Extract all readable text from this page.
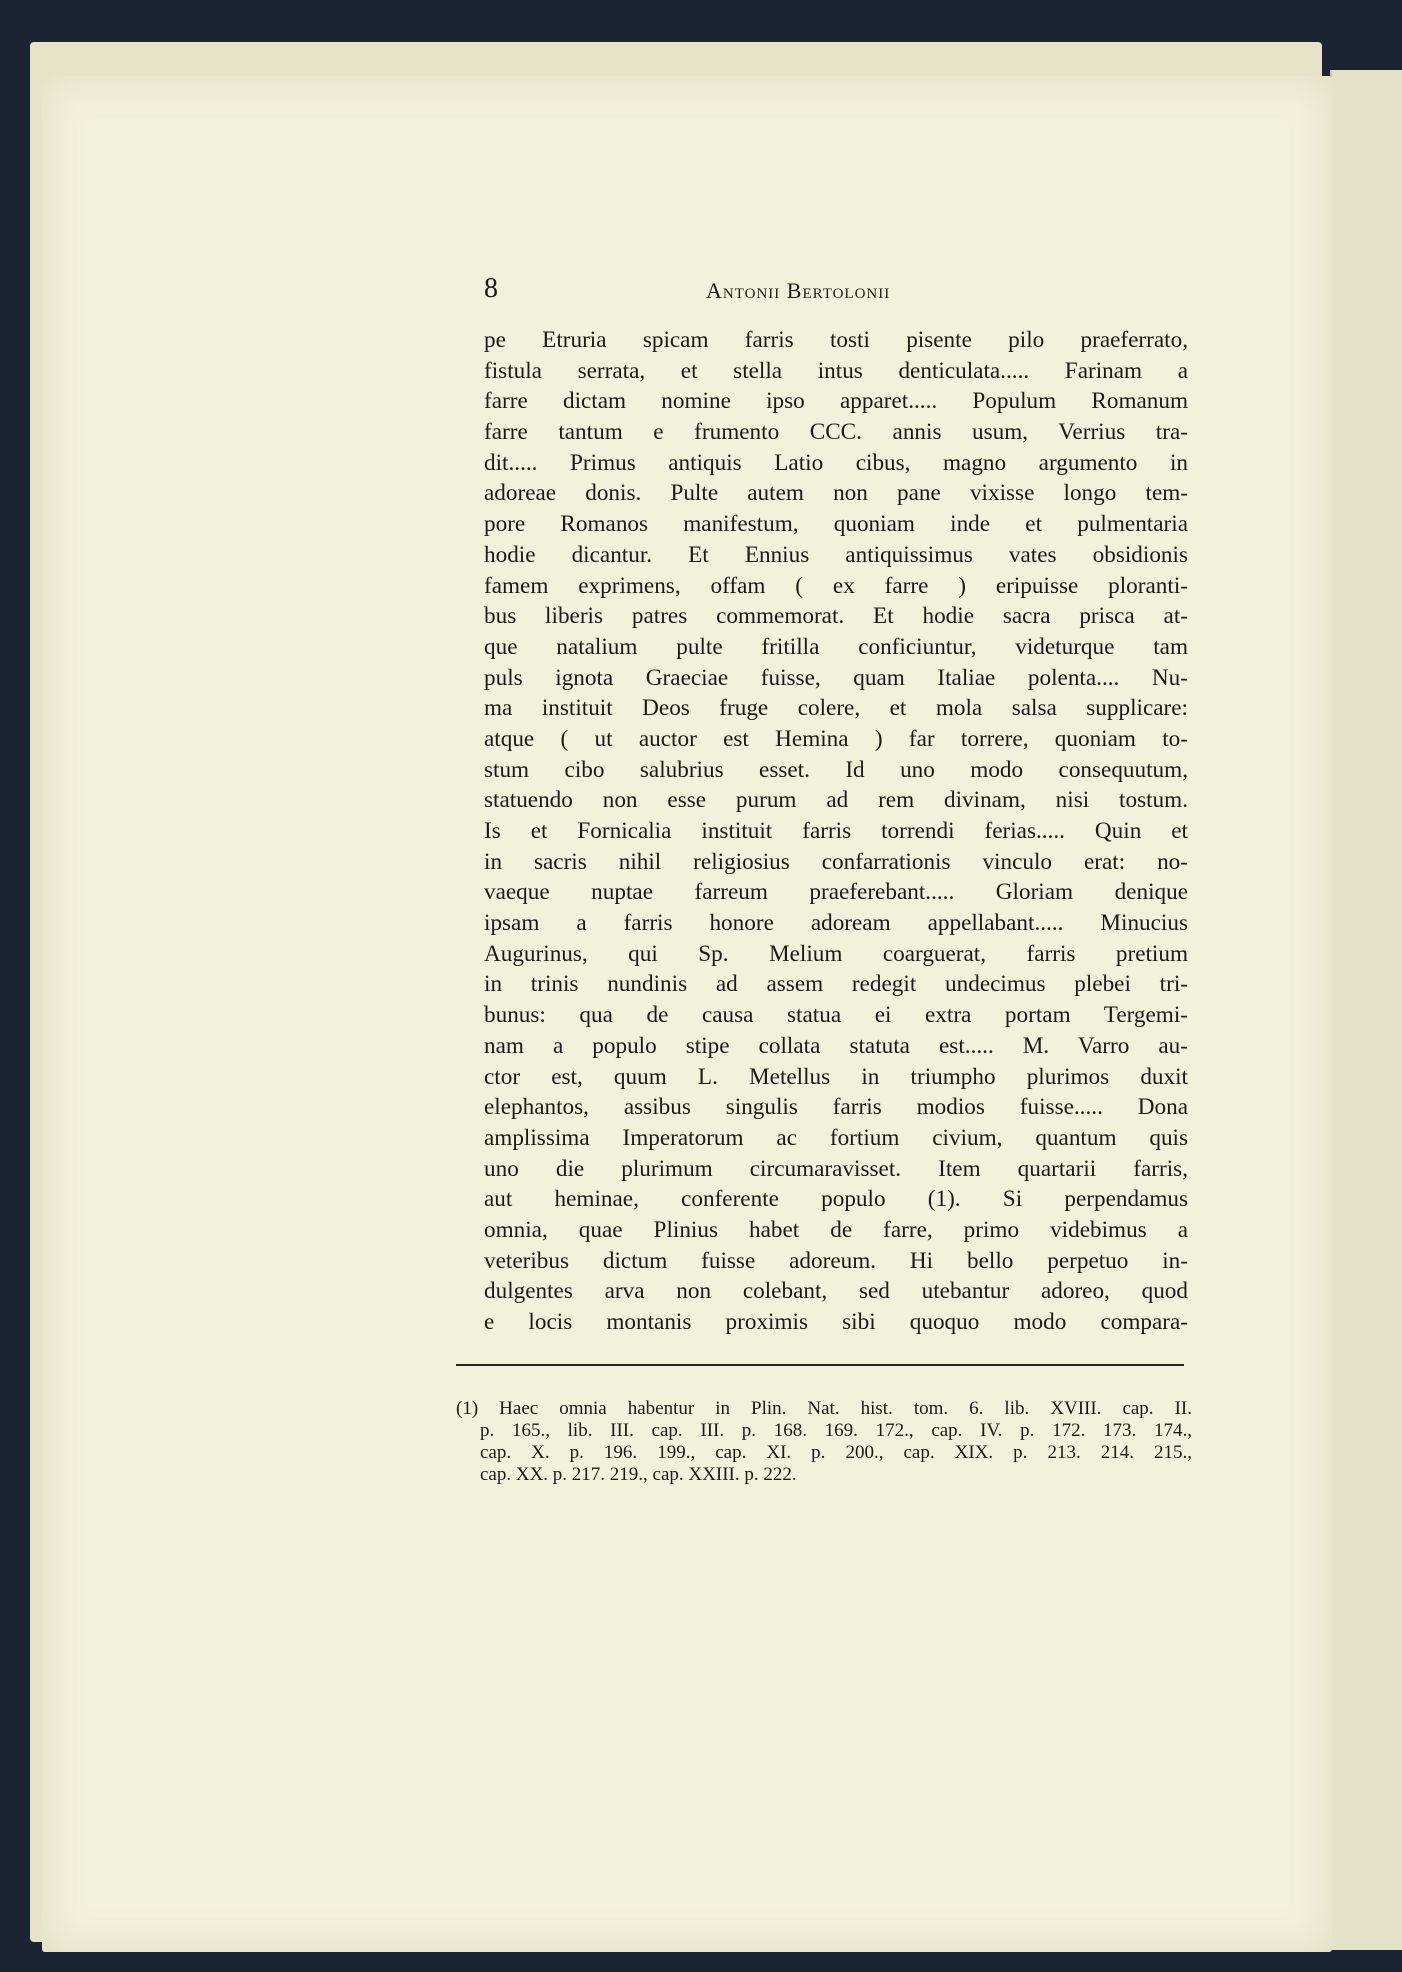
8	Antonii Bertolonii
pe Etruria spicam farris tosti pisente pilo praeferrato,
fistula serrata, et stella intus denticulata..... Farinam a
farre dictam nomine ipso apparet..... Populum Romanum
farre tantum e frumento CCC. annis usum, Verrius tra-
dit..... Primus antiquis Latio cibus, magno argumento in
adoreae donis. Pulte autem non pane vixisse longo tem-
pore Romanos manifestum, quoniam inde et pulmentaria
hodie dicantur. Et Ennius antiquissimus vates obsidionis
famem exprimens, offam ( ex farre ) eripuisse ploranti-
bus liberis patres commemorat. Et hodie sacra prisca at-
que natalium pulte fritilla conficiuntur, videturque tam
puls ignota Graeciae fuisse, quam Italiae polenta.... Nu-
ma instituit Deos fruge colere, et mola salsa supplicare:
atque ( ut auctor est Hemina ) far torrere, quoniam to-
stum cibo salubrius esset. Id uno modo consequutum,
statuendo non esse purum ad rem divinam, nisi tostum.
Is et Fornicalia instituit farris torrendi ferias..... Quin et
in sacris nihil religiosius confarrationis vinculo erat: no-
vaeque nuptae farreum praeferebant..... Gloriam denique
ipsam a farris honore adoream appellabant..... Minucius
Augurinus, qui Sp. Melium coarguerat, farris pretium
in trinis nundinis ad assem redegit undecimus plebei tri-
bunus: qua de causa statua ei extra portam Tergemi-
nam a populo stipe collata statuta est..... M. Varro au-
ctor est, quum L. Metellus in triumpho plurimos duxit
elephantos, assibus singulis farris modios fuisse..... Dona
amplissima Imperatorum ac fortium civium, quantum quis
uno die plurimum circumaravisset. Item quartarii farris,
aut heminae, conferente populo (1). Si perpendamus
omnia, quae Plinius habet de farre, primo videbimus a
veteribus dictum fuisse adoreum. Hi bello perpetuo in-
dulgentes arva non colebant, sed utebantur adoreo, quod
e locis montanis proximis sibi quoquo modo compara-
(1) Haec omnia habentur in Plin. Nat. hist. tom. 6. lib. XVIII. cap. II.
p. 165., lib. III. cap. III. p. 168. 169. 172., cap. IV. p. 172. 173. 174.,
cap. X. p. 196. 199., cap. XI. p. 200., cap. XIX. p. 213. 214. 215.,
cap. XX. p. 217. 219., cap. XXIII. p. 222.
